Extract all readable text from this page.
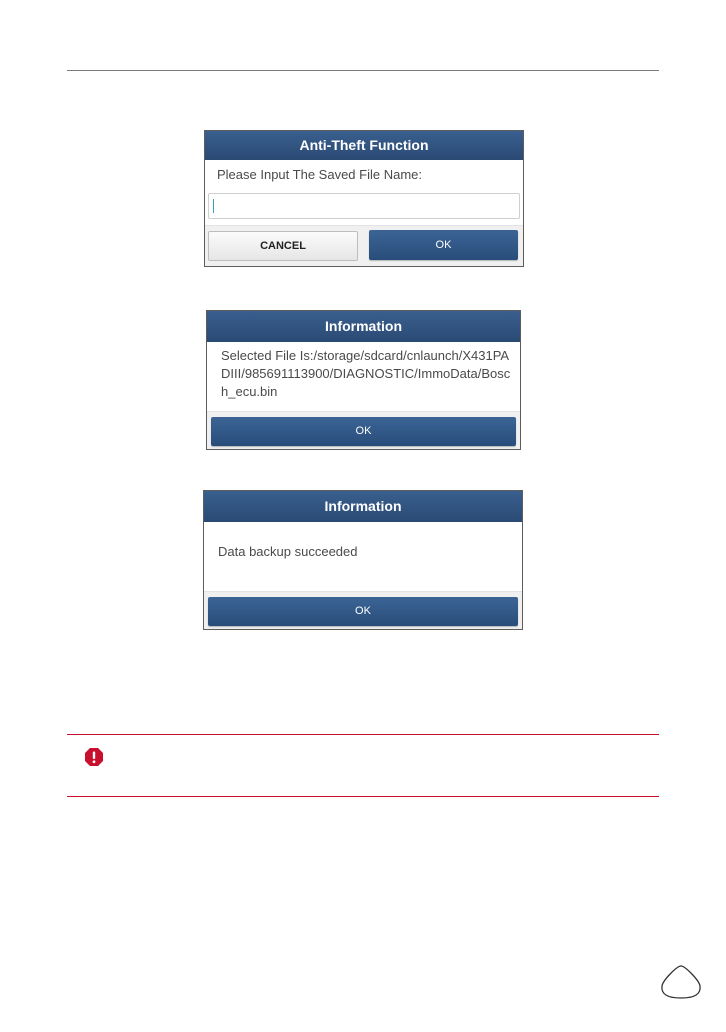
Anti-Theft Function
Please Input The Saved File Name:
CANCEL	OK
Information
Selected File Is:/storage/sdcard/cnlaunch/X431PADIII/985691113900/DIAGNOSTIC/ImmoData/Bosch_ecu.bin
OK
Information
Data backup succeeded
OK
